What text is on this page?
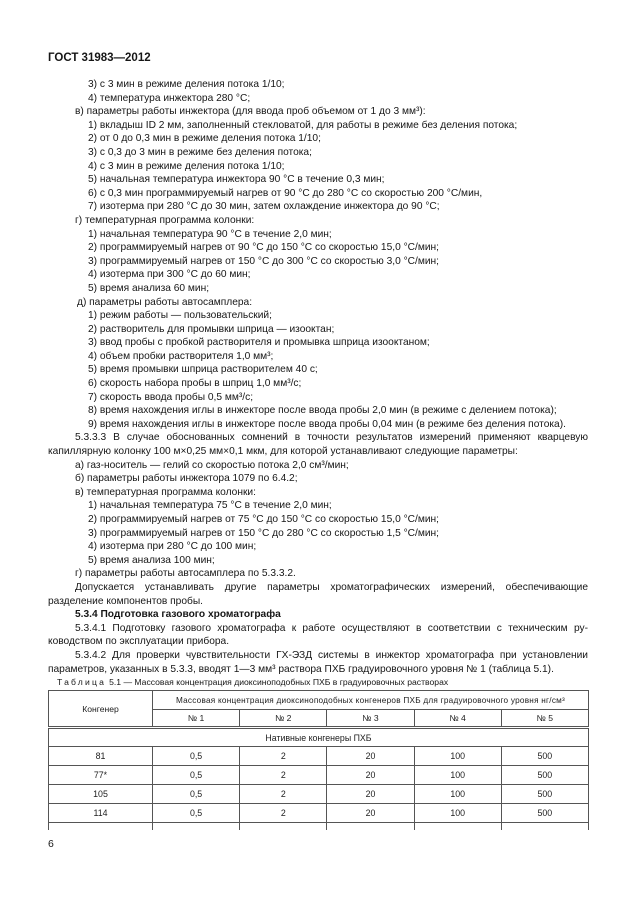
ГОСТ 31983—2012
3) с 3 мин в режиме деления потока 1/10;
4) температура инжектора 280 °С;
в) параметры работы инжектора (для ввода проб объемом от 1 до 3 мм³):
1) вкладыш ID 2 мм, заполненный стекловатой, для работы в режиме без деления потока;
2) от 0 до 0,3 мин в режиме деления потока 1/10;
3) с 0,3 до 3 мин в режиме без деления потока;
4) с 3 мин в режиме деления потока 1/10;
5) начальная температура инжектора 90 °С в течение 0,3 мин;
6) с 0,3 мин программируемый нагрев от 90 °С до 280 °С со скоростью 200 °С/мин,
7) изотерма при 280 °С до 30 мин, затем охлаждение инжектора до 90 °С;
г) температурная программа колонки:
1) начальная температура 90 °С в течение 2,0 мин;
2) программируемый нагрев от 90 °С до 150 °С со скоростью 15,0 °С/мин;
3) программируемый нагрев от 150 °С до 300 °С со скоростью 3,0 °С/мин;
4) изотерма при 300 °С до 60 мин;
5) время анализа 60 мин;
д) параметры работы автосамплера:
1) режим работы — пользовательский;
2) растворитель для промывки шприца — изооктан;
3) ввод пробы с пробкой растворителя и промывка шприца изооктаном;
4) объем пробки растворителя 1,0 мм³;
5) время промывки шприца растворителем 40 с;
6) скорость набора пробы в шприц 1,0 мм³/с;
7) скорость ввода пробы 0,5 мм³/с;
8) время нахождения иглы в инжекторе после ввода пробы 2,0 мин (в режиме с делением потока);
9) время нахождения иглы в инжекторе после ввода пробы 0,04 мин (в режиме без деления потока).
5.3.3.3 В случае обоснованных сомнений в точности результатов измерений применяют кварцевую
капиллярную колонку 100 м×0,25 мм×0,1 мкм, для которой устанавливают следующие параметры:
а) газ-носитель — гелий со скоростью потока 2,0 см³/мин;
б) параметры работы инжектора 1079 по 6.4.2;
в) температурная программа колонки:
1) начальная температура 75 °С в течение 2,0 мин;
2) программируемый нагрев от 75 °С до 150 °С со скоростью 15,0 °С/мин;
3) программируемый нагрев от 150 °С до 280 °С со скоростью 1,5 °С/мин;
4) изотерма при 280 °С до 100 мин;
5) время анализа 100 мин;
г) параметры работы автосамплера по 5.3.3.2.
Допускается устанавливать другие параметры хроматографических измерений, обеспечивающие
разделение компонентов пробы.
5.3.4 Подготовка газового хроматографа
5.3.4.1 Подготовку газового хроматографа к работе осуществляют в соответствии с техническим ру-
ководством по эксплуатации прибора.
5.3.4.2 Для проверки чувствительности ГХ-ЭЗД системы в инжектор хроматографа при установлении
параметров, указанных в 5.3.3, вводят 1—3 мм³ раствора ПХБ градуировочного уровня № 1 (таблица 5.1).
Таблица 5.1 — Массовая концентрация диоксиноподобных ПХБ в градуировочных растворах
Конгенер	Массовая концентрация диоксиноподобных конгенеров ПХБ для градуировочного уровня нг/см³				
	№ 1	№ 2	№ 3	№ 4	№ 5
Нативные конгенеры ПХБ					
81	0,5	2	20	100	500
77*	0,5	2	20	100	500
105	0,5	2	20	100	500
114	0,5	2	20	100	500

6
